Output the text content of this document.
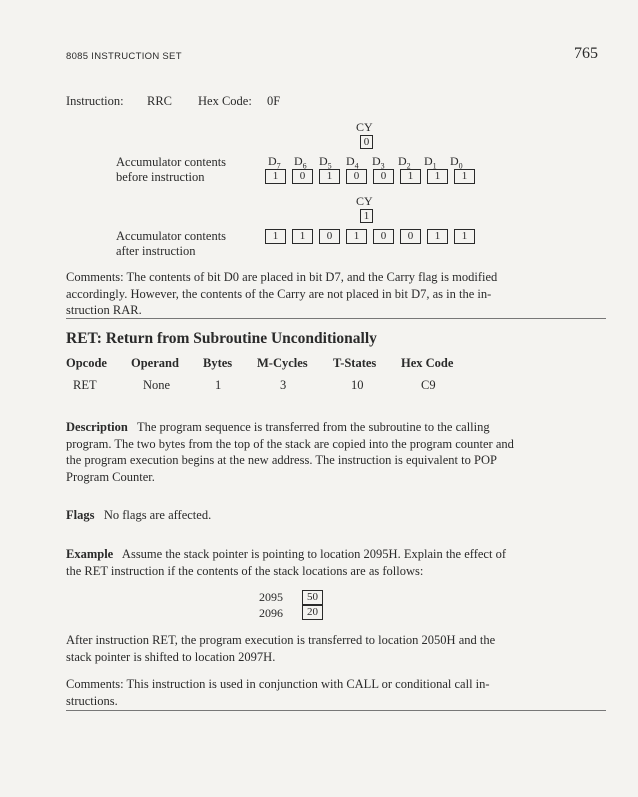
8085 INSTRUCTION SET	765
Instruction: RRC Hex Code: 0F
CY
0
Accumulator contents
before instruction
$D_7$ $D_6$ $D_5$ $D_4$ $D_3$ $D_2$ $D_1$ $D_0$
1	0	1	0	0	1	1	1
CY
1
Accumulator contents
after instruction
1	1	0	1	0	0	1	1
Comments: The contents of bit D0 are placed in bit D7, and the Carry flag is modified
accordingly. However, the contents of the Carry are not placed in bit D7, as in the in-
struction RAR.
RET: Return from Subroutine Unconditionally
Opcode Operand Bytes M-Cycles T-States Hex Code
RET	None	1	3	10	C9
Description The program sequence is transferred from the subroutine to the calling
program. The two bytes from the top of the stack are copied into the program counter and
the program execution begins at the new address. The instruction is equivalent to POP
Program Counter.
Flags No flags are affected.
Example Assume the stack pointer is pointing to location 2095H. Explain the effect of
the RET instruction if the contents of the stack locations are as follows:
2095	50
2096	20
After instruction RET, the program execution is transferred to location 2050H and the
stack pointer is shifted to location 2097H.
Comments: This instruction is used in conjunction with CALL or conditional call in-
structions.
